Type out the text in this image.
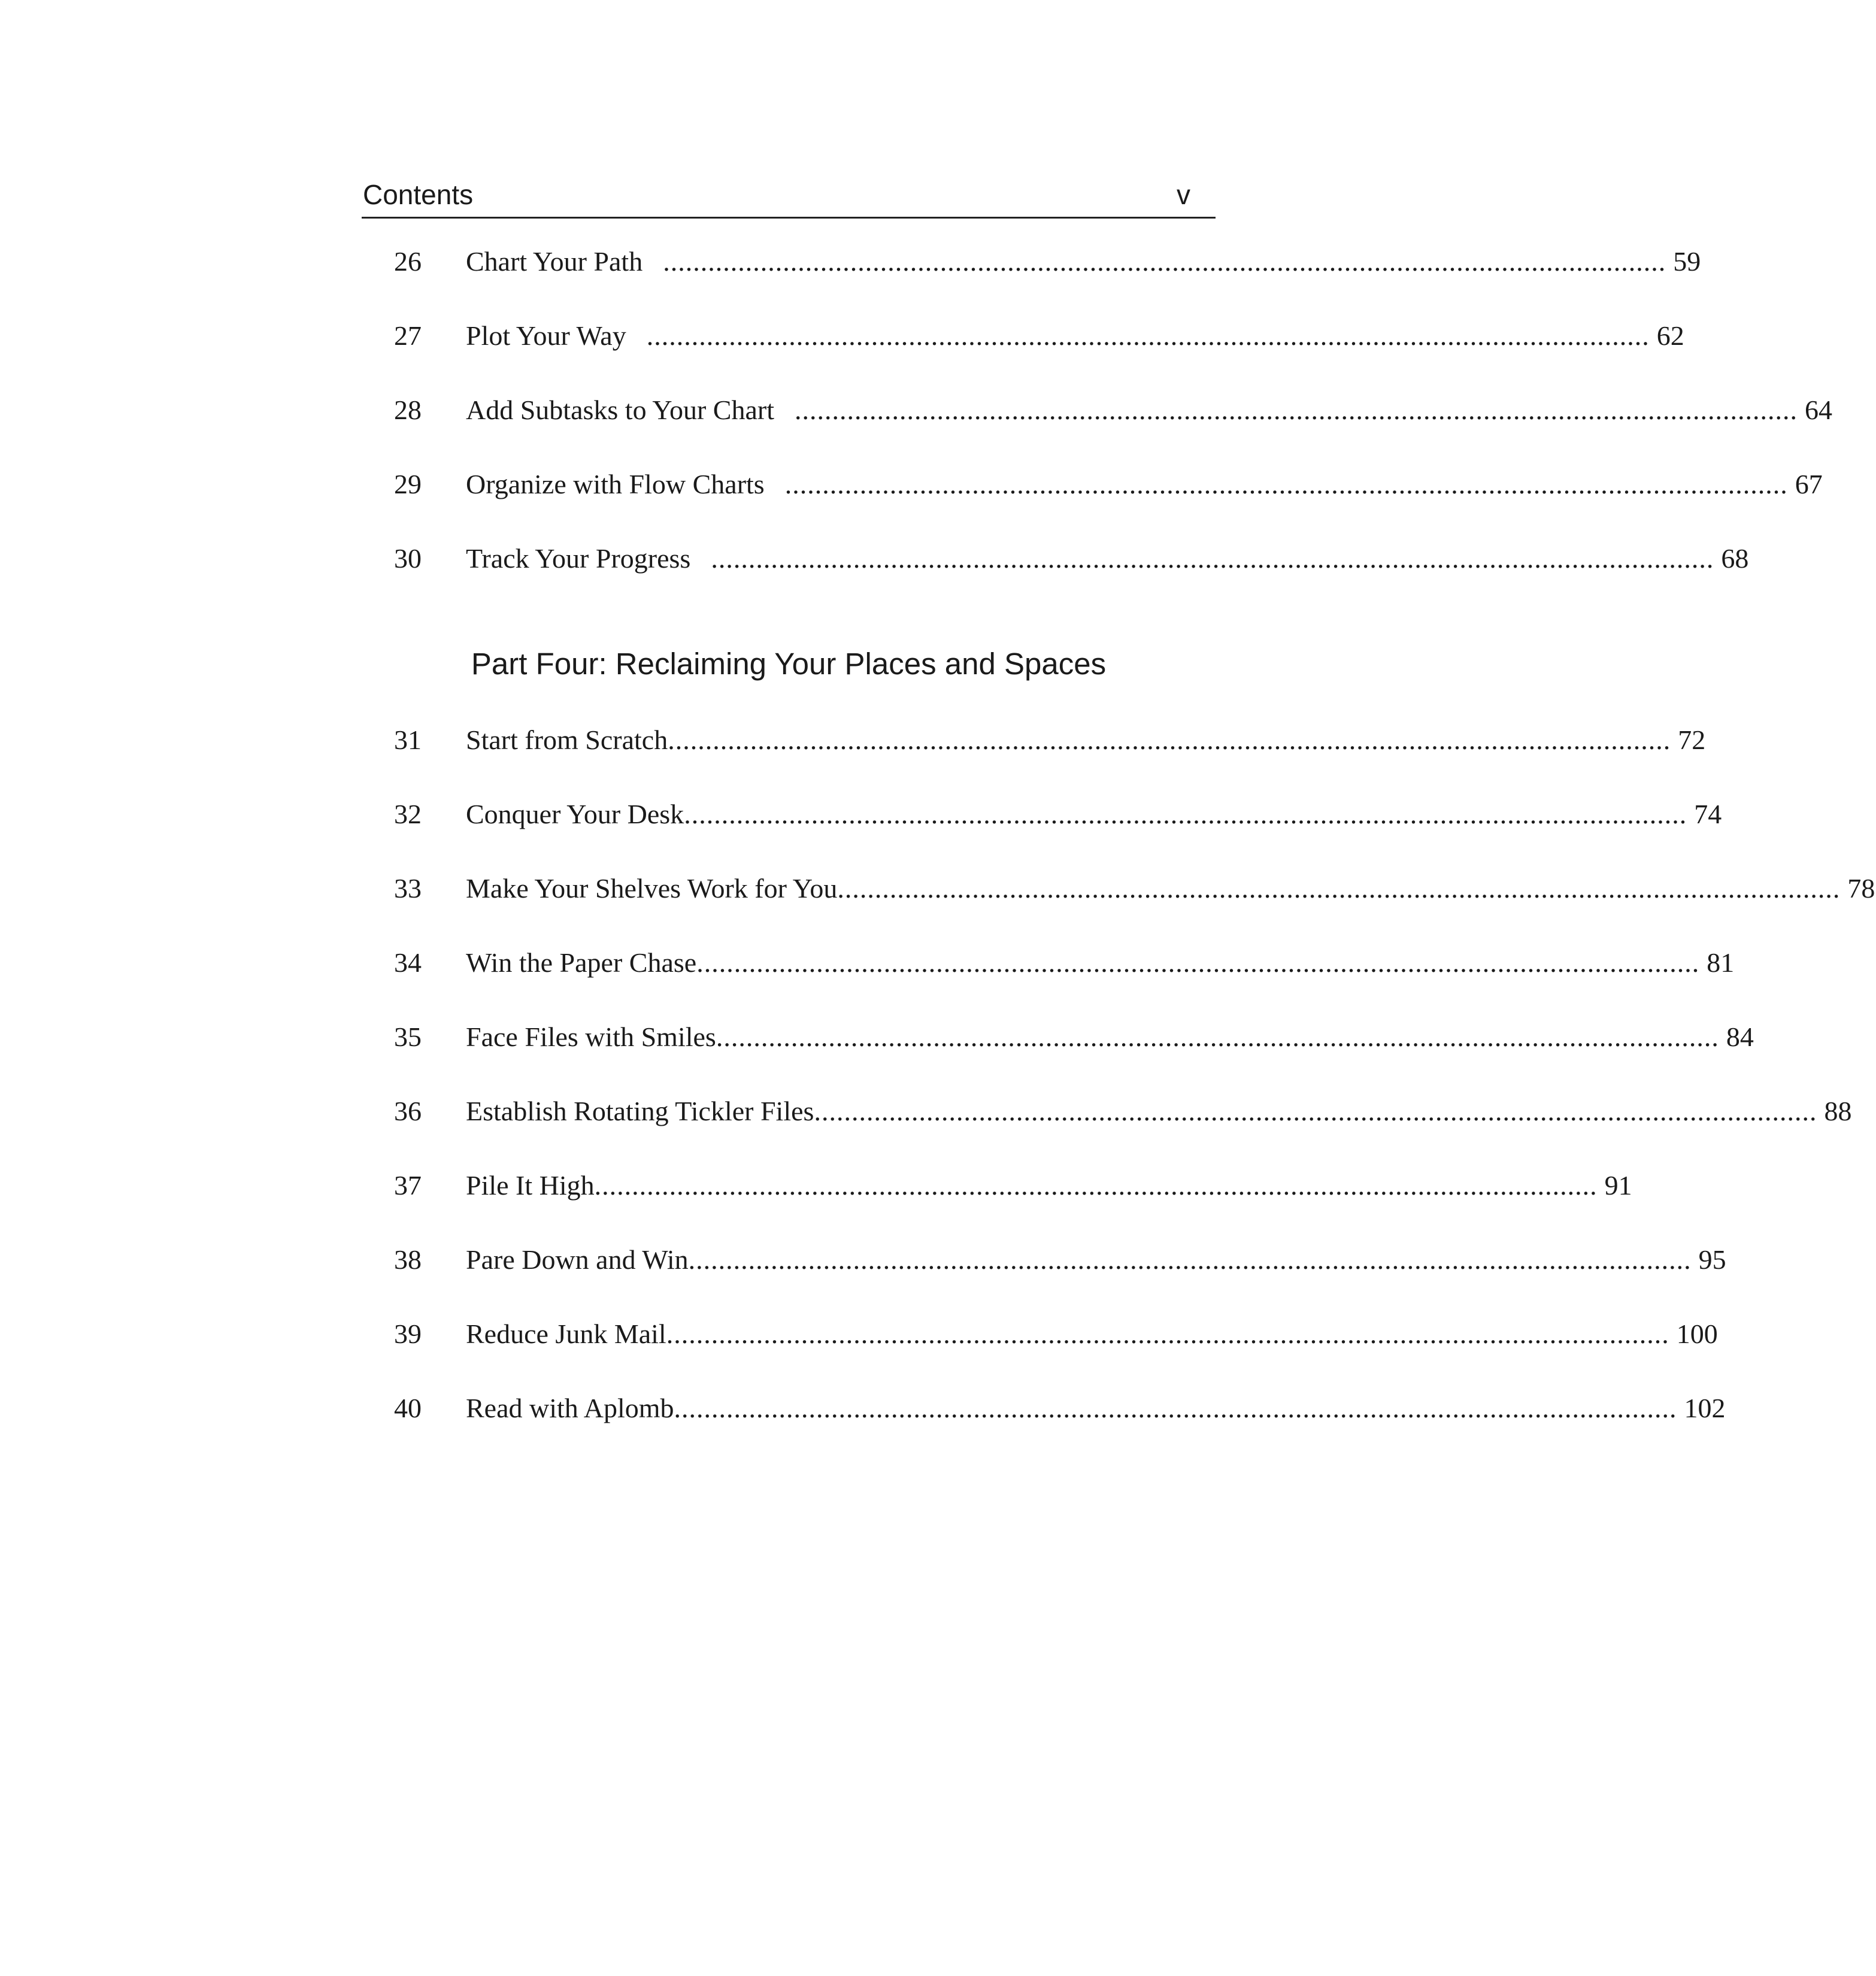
Contents	v
26	Chart Your Path ...................................................................................................................................... 59
27	Plot Your Way ...................................................................................................................................... 62
28	Add Subtasks to Your Chart ...................................................................................................................................... 64
29	Organize with Flow Charts ...................................................................................................................................... 67
30	Track Your Progress ...................................................................................................................................... 68
Part Four: Reclaiming Your Places and Spaces
31	Start from Scratch ...................................................................................................................................... 72
32	Conquer Your Desk ...................................................................................................................................... 74
33	Make Your Shelves Work for You ...................................................................................................................................... 78
34	Win the Paper Chase ...................................................................................................................................... 81
35	Face Files with Smiles ...................................................................................................................................... 84
36	Establish Rotating Tickler Files ...................................................................................................................................... 88
37	Pile It High ...................................................................................................................................... 91
38	Pare Down and Win ...................................................................................................................................... 95
39	Reduce Junk Mail ...................................................................................................................................... 100
40	Read with Aplomb ...................................................................................................................................... 102
